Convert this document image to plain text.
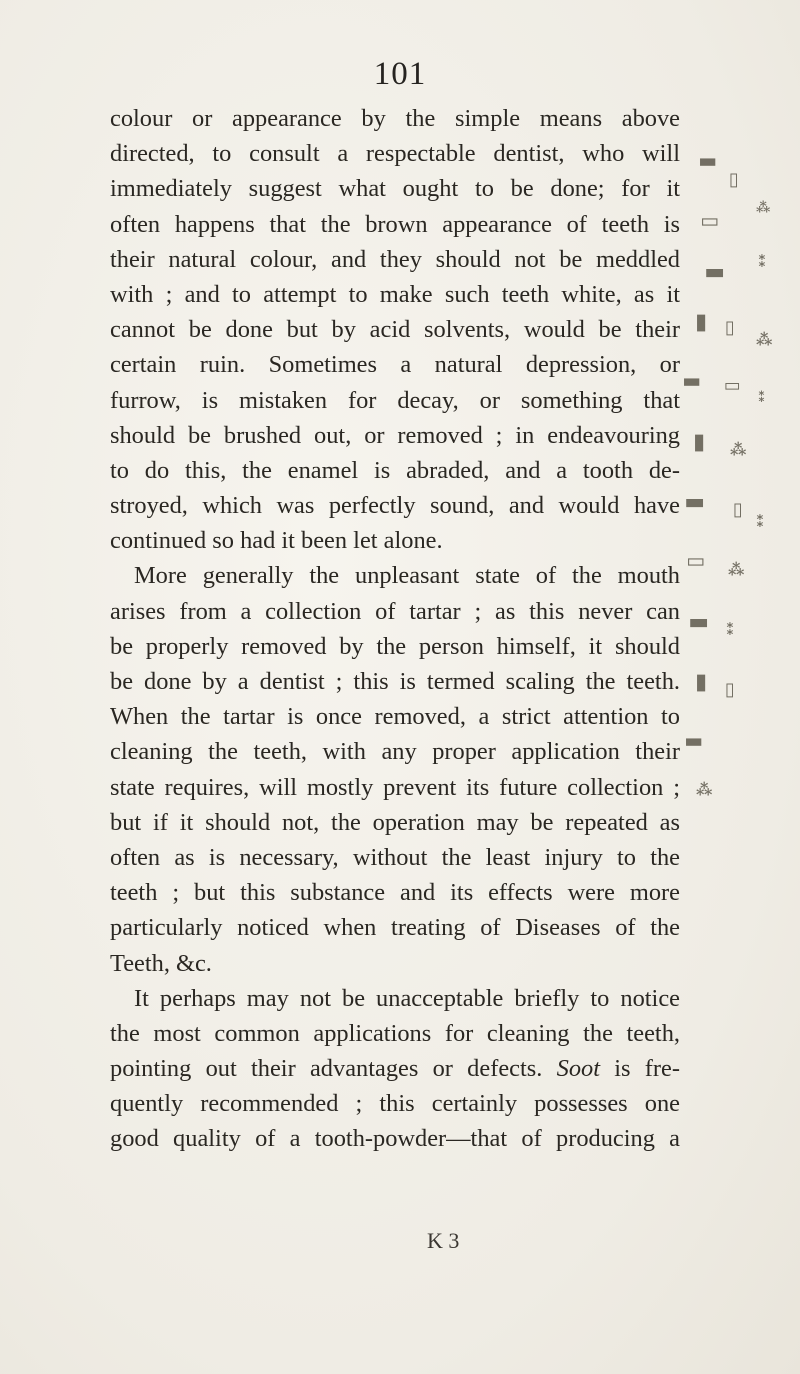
101
colour or appearance by the simple means above
directed, to consult a respectable dentist, who will
immediately suggest what ought to be done; for it
often happens that the brown appearance of teeth is
their natural colour, and they should not be meddled
with ; and to attempt to make such teeth white, as it
cannot be done but by acid solvents, would be their
certain ruin. Sometimes a natural depression, or
furrow, is mistaken for decay, or something that
should be brushed out, or removed ; in endeavouring
to do this, the enamel is abraded, and a tooth de-
stroyed, which was perfectly sound, and would have
continued so had it been let alone.
More generally the unpleasant state of the mouth
arises from a collection of tartar ; as this never can
be properly removed by the person himself, it should
be done by a dentist ; this is termed scaling the teeth.
When the tartar is once removed, a strict attention to
cleaning the teeth, with any proper application their
state requires, will mostly prevent its future collection ;
but if it should not, the operation may be repeated as
often as is necessary, without the least injury to the
teeth ; but this substance and its effects were more
particularly noticed when treating of Diseases of the
Teeth, &c.
It perhaps may not be unacceptable briefly to notice
the most common applications for cleaning the teeth,
pointing out their advantages or defects. Soot is fre-
quently recommended ; this certainly possesses one
good quality of a tooth-powder—that of producing a
K 3
▮
▭
▯
⁂
▮
⁑
▬ ▭
⁂
▮ ▯
⁑
▬ ⁂
▮ ▭
⁑
▯ ⁂
▮ ⁑
▬ ▭
▮
⁂
